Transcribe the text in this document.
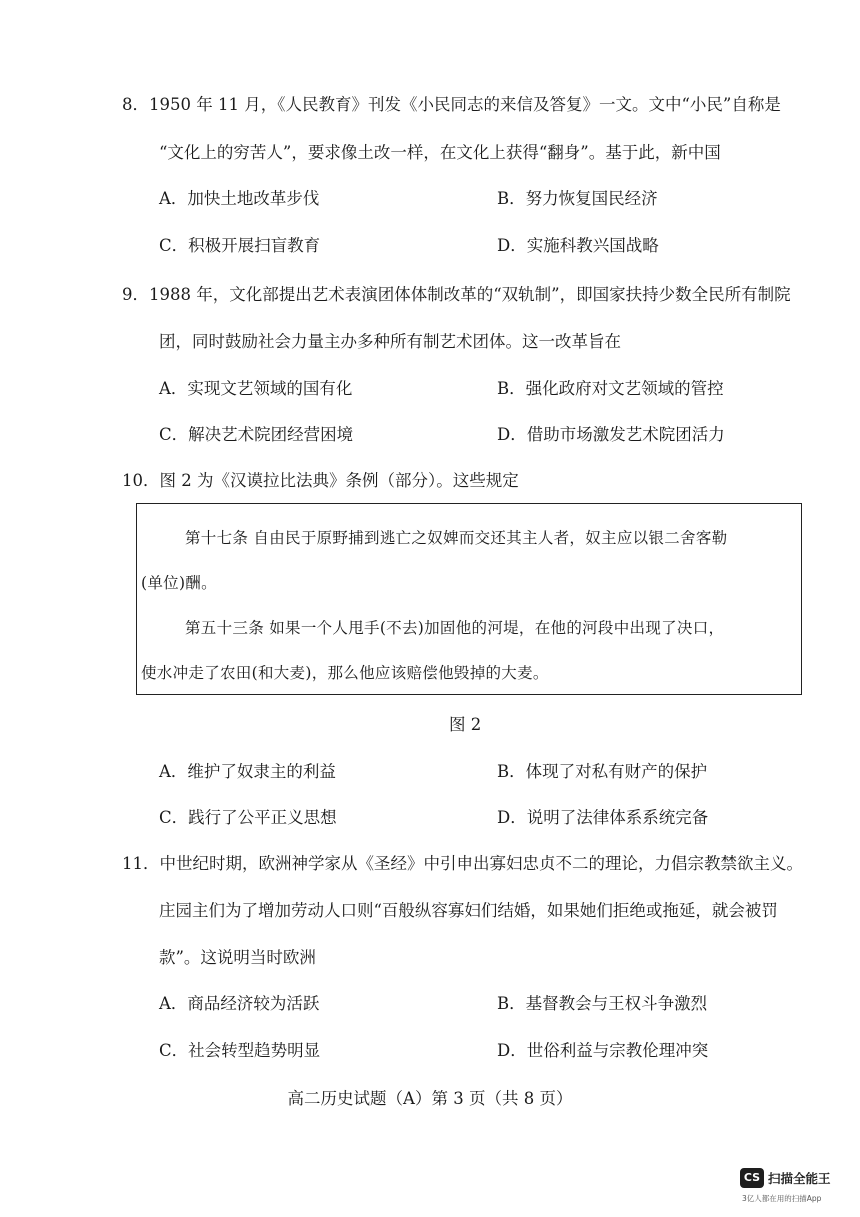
8．1950 年 11 月，《人民教育》刊发《小民同志的来信及答复》一文。文中“小民”自称是
“文化上的穷苦人”，要求像土改一样，在文化上获得“翻身”。基于此，新中国
A．加快土地改革步伐	B．努力恢复国民经济
C．积极开展扫盲教育	D．实施科教兴国战略
9．1988 年，文化部提出艺术表演团体体制改革的“双轨制”，即国家扶持少数全民所有制院
团，同时鼓励社会力量主办多种所有制艺术团体。这一改革旨在
A．实现文艺领域的国有化	B．强化政府对文艺领域的管控
C．解决艺术院团经营困境	D．借助市场激发艺术院团活力
10．图 2 为《汉谟拉比法典》条例（部分）。这些规定
第十七条 自由民于原野捕到逃亡之奴婢而交还其主人者，奴主应以银二舍客勒
(单位)酬。
第五十三条 如果一个人甩手(不去)加固他的河堤，在他的河段中出现了决口，
使水冲走了农田(和大麦)，那么他应该赔偿他毁掉的大麦。
图 2
A．维护了奴隶主的利益	B．体现了对私有财产的保护
C．践行了公平正义思想	D．说明了法律体系系统完备
11．中世纪时期，欧洲神学家从《圣经》中引申出寡妇忠贞不二的理论，力倡宗教禁欲主义。
庄园主们为了增加劳动人口则“百般纵容寡妇们结婚，如果她们拒绝或拖延，就会被罚
款”。这说明当时欧洲
A．商品经济较为活跃	B．基督教会与王权斗争激烈
C．社会转型趋势明显	D．世俗利益与宗教伦理冲突
高二历史试题（A）第 3 页（共 8 页）
CS 扫描全能王
3亿人都在用的扫描App
